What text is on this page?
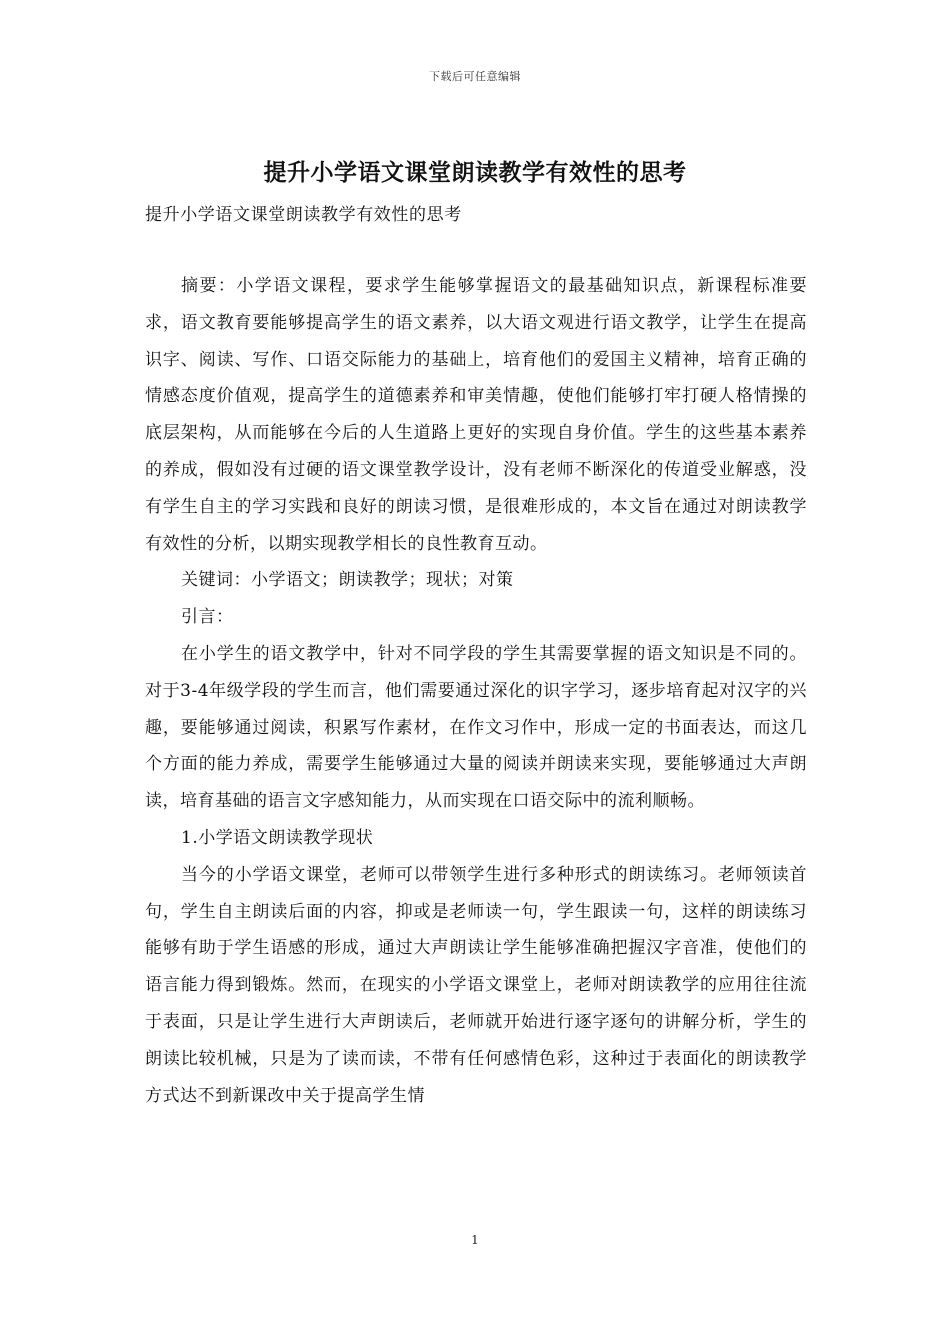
下载后可任意编辑
提升小学语文课堂朗读教学有效性的思考
提升小学语文课堂朗读教学有效性的思考

摘要：小学语文课程，要求学生能够掌握语文的最基础知识点，新课程标准要求，语文教育要能够提高学生的语文素养，以大语文观进行语文教学，让学生在提高识字、阅读、写作、口语交际能力的基础上，培育他们的爱国主义精神，培育正确的情感态度价值观，提高学生的道德素养和审美情趣，使他们能够打牢打硬人格情操的底层架构，从而能够在今后的人生道路上更好的实现自身价值。学生的这些基本素养的养成，假如没有过硬的语文课堂教学设计，没有老师不断深化的传道受业解惑，没有学生自主的学习实践和良好的朗读习惯，是很难形成的，本文旨在通过对朗读教学有效性的分析，以期实现教学相长的良性教育互动。

关键词：小学语文；朗读教学；现状；对策

引言：

在小学生的语文教学中，针对不同学段的学生其需要掌握的语文知识是不同的。对于3-4年级学段的学生而言，他们需要通过深化的识字学习，逐步培育起对汉字的兴趣，要能够通过阅读，积累写作素材，在作文习作中，形成一定的书面表达，而这几个方面的能力养成，需要学生能够通过大量的阅读并朗读来实现，要能够通过大声朗读，培育基础的语言文字感知能力，从而实现在口语交际中的流利顺畅。

1.小学语文朗读教学现状

当今的小学语文课堂，老师可以带领学生进行多种形式的朗读练习。老师领读首句，学生自主朗读后面的内容，抑或是老师读一句，学生跟读一句，这样的朗读练习能够有助于学生语感的形成，通过大声朗读让学生能够准确把握汉字音准，使他们的语言能力得到锻炼。然而，在现实的小学语文课堂上，老师对朗读教学的应用往往流于表面，只是让学生进行大声朗读后，老师就开始进行逐字逐句的讲解分析，学生的朗读比较机械，只是为了读而读，不带有任何感情色彩，这种过于表面化的朗读教学方式达不到新课改中关于提高学生情

1
